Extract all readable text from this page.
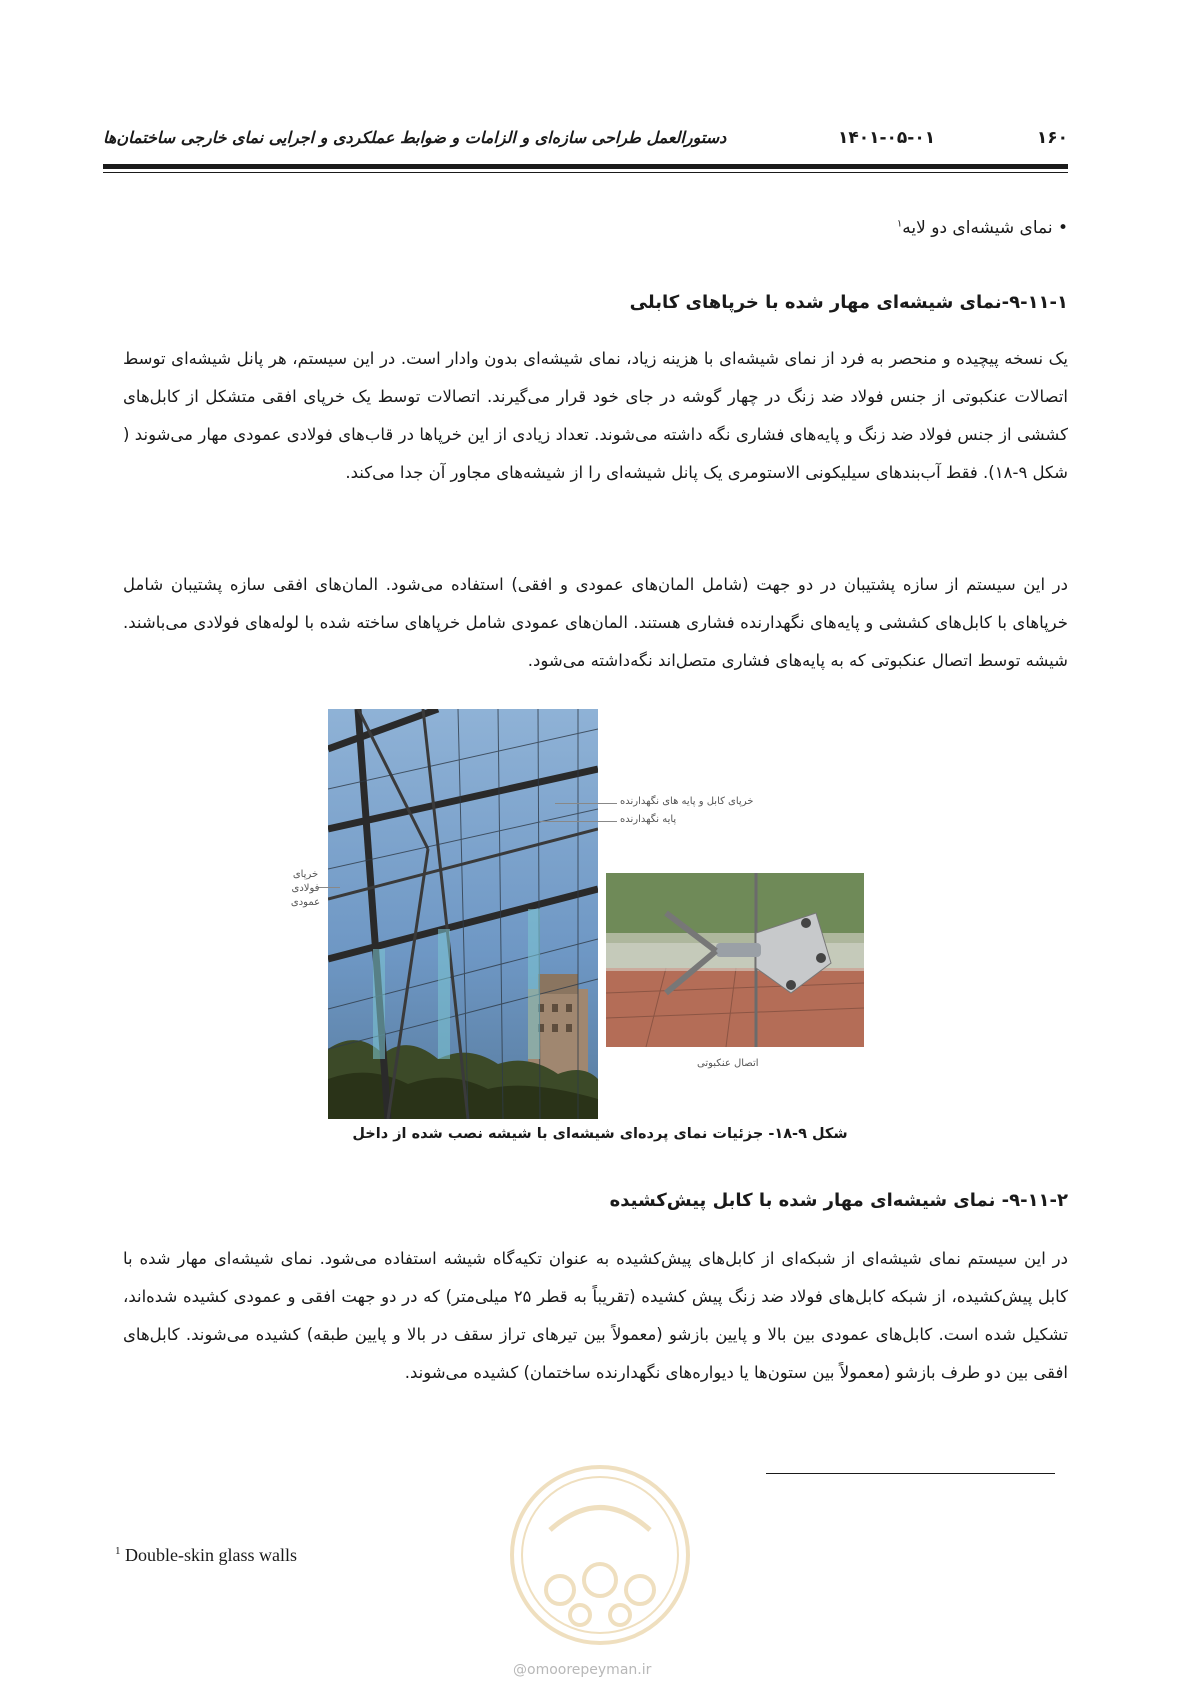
دستورالعمل طراحی سازه‌ای و الزامات و ضوابط عملکردی و اجرایی نمای خارجی ساختمان‌ها	۱۴۰۱-۰۵-۰۱	۱۶۰
• نمای شیشه‌ای دو لایه$^۱$
۹-۱۱-۱-نمای شیشه‌ای مهار شده با خرپاهای کابلی
یک نسخه پیچیده و منحصر به فرد از نمای شیشه‌ای با هزینه زیاد، نمای شیشه‌ای بدون وادار است. در این سیستم، هر پانل شیشه‌ای توسط اتصالات عنکبوتی از جنس فولاد ضد زنگ در چهار گوشه در جای خود قرار می‌گیرند. اتصالات توسط یک خرپای افقی متشکل از کابل‌های کششی از جنس فولاد ضد زنگ و پایه‌های فشاری نگه داشته می‌شوند. تعداد زیادی از این خرپاها در قاب‌های فولادی عمودی مهار می‌شوند ( شکل ۹-۱۸). فقط آب‌بندهای سیلیکونی الاستومری یک پانل شیشه‌ای را از شیشه‌های مجاور آن جدا می‌کند.
در این سیستم از سازه پشتیبان در دو جهت (شامل المان‌های عمودی و افقی) استفاده می‌شود. المان‌های افقی سازه پشتیبان شامل خرپاهای با کابل‌های کششی و پایه‌های نگهدارنده فشاری هستند. المان‌های عمودی شامل خرپاهای ساخته شده با لوله‌های فولادی می‌باشند. شیشه توسط اتصال عنکبوتی که به پایه‌های فشاری متصل‌اند نگه‌داشته می‌شود.
خرپای کابل و پایه های نگهدارنده
پایه نگهدارنده
خرپای فولادی عمودی
اتصال عنکبوتی
شکل ۹-۱۸- جزئیات نمای پرده‌ای شیشه‌ای با شیشه نصب شده از داخل
۹-۱۱-۲- نمای شیشه‌ای مهار شده با کابل پیش‌کشیده
در این سیستم نمای شیشه‌ای از شبکه‌ای از کابل‌های پیش‌کشیده به عنوان تکیه‌گاه شیشه استفاده می‌شود. نمای شیشه‌ای مهار شده با کابل پیش‌کشیده، از شبکه کابل‌های فولاد ضد زنگ پیش کشیده (تقریباً به قطر ۲۵ میلی‌متر) که در دو جهت افقی و عمودی کشیده شده‌اند، تشکیل شده است. کابل‌های عمودی بین بالا و پایین بازشو (معمولاً بین تیرهای تراز سقف در بالا و پایین طبقه) کشیده می‌شوند. کابل‌های افقی بین دو طرف بازشو (معمولاً بین ستون‌ها یا دیواره‌های نگهدارنده ساختمان) کشیده می‌شوند.
$^1$ Double-skin glass walls
@omoorepeyman.ir
